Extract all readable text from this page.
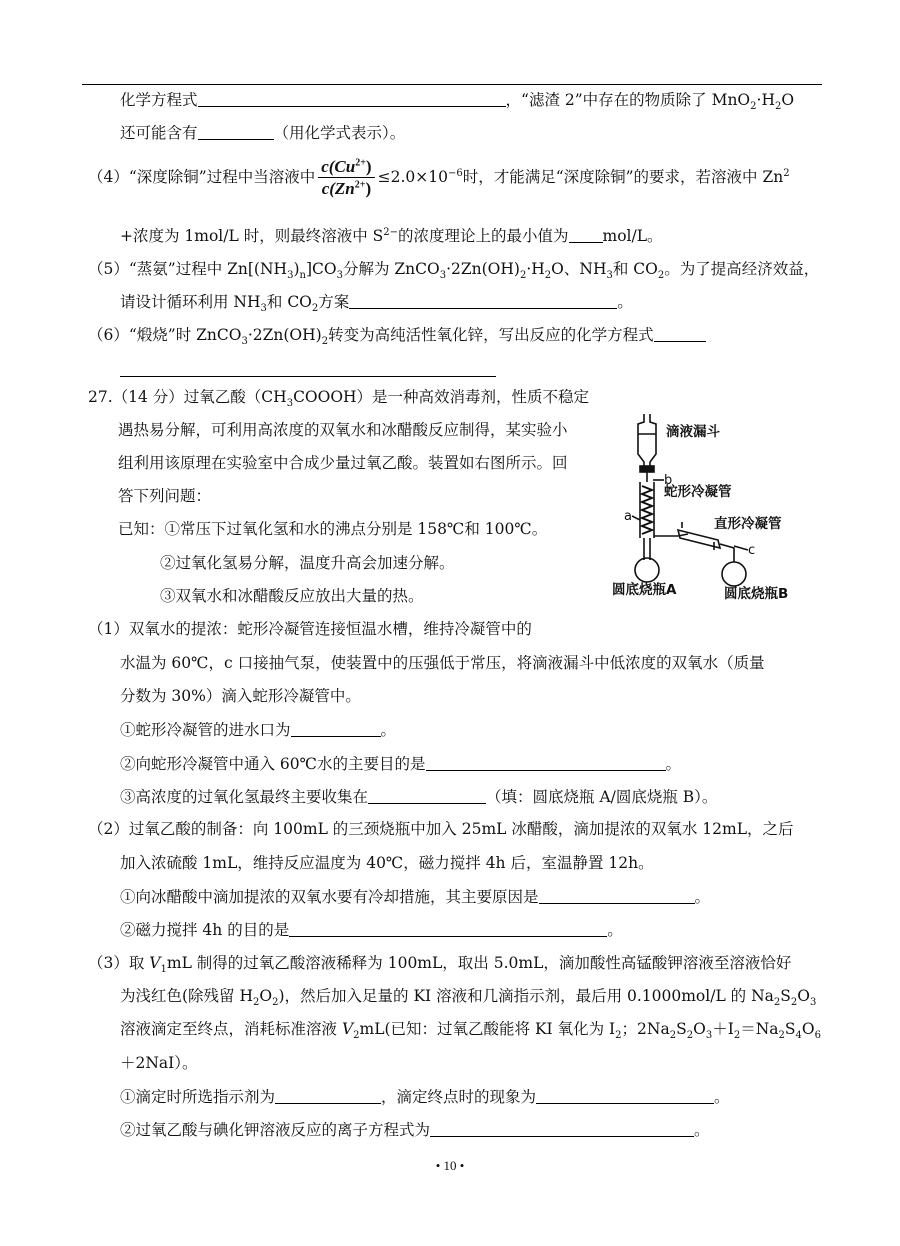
化学方程式	，“滤渣 2”中存在的物质除了 $MnO_2\cdot H_2O$
还可能含有	（用化学式表示）。
（4）“深度除铜”过程中当溶液中 $\frac{c(Cu^{2+})}{c(Zn^{2+})} \le 2.0\times 10^{-6}$时，才能满足“深度除铜”的要求，若溶液中 $Zn^2$
+浓度为 1mol/L 时，则最终溶液中 $S^{2-}$的浓度理论上的最小值为 mol/L。
（5）“蒸氨”过程中 $Zn[(NH_3)_n]CO_3$分解为 $ZnCO_3\cdot 2Zn(OH)_2\cdot H_2O$、$NH_3$和 $CO_2$。为了提高经济效益，
请设计循环利用 $NH_3$和 $CO_2$方案	。
（6）“煅烧”时 $ZnCO_3\cdot 2Zn(OH)_2$转变为高纯活性氧化锌，写出反应的化学方程式
27.（14 分）过氧乙酸$(CH_3COOOH)$是一种高效消毒剂，性质不稳定
遇热易分解，可利用高浓度的双氧水和冰醋酸反应制得，某实验小
组利用该原理在实验室中合成少量过氧乙酸。装置如右图所示。回
答下列问题：
已知：①常压下过氧化氢和水的沸点分别是 158℃和 100℃。
②过氧化氢易分解，温度升高会加速分解。
③双氧水和冰醋酸反应放出大量的热。
滴液漏斗
b
蛇形冷凝管
a	直形冷凝管
c
圆底烧瓶A	圆底烧瓶B
（1）双氧水的提浓：蛇形冷凝管连接恒温水槽，维持冷凝管中的
水温为 60℃，c 口接抽气泵，使装置中的压强低于常压，将滴液漏斗中低浓度的双氧水（质量
分数为 30%）滴入蛇形冷凝管中。
①蛇形冷凝管的进水口为	。
②向蛇形冷凝管中通入 60℃水的主要目的是	。
③高浓度的过氧化氢最终主要收集在	（填：圆底烧瓶 A/圆底烧瓶 B）。
（2）过氧乙酸的制备：向 100mL 的三颈烧瓶中加入 25mL 冰醋酸，滴加提浓的双氧水 12mL，之后
加入浓硫酸 1mL，维持反应温度为 40℃，磁力搅拌 4h 后，室温静置 12h。
①向冰醋酸中滴加提浓的双氧水要有冷却措施，其主要原因是	。
②磁力搅拌 4h 的目的是	。
（3）取 $V_1mL$ 制得的过氧乙酸溶液稀释为 100mL，取出 5.0mL，滴加酸性高锰酸钾溶液至溶液恰好
为浅红色(除残留 $H_2O_2$)，然后加入足量的 KI 溶液和几滴指示剂，最后用 0.1000mol/L 的 $Na_2S_2O_3$
溶液滴定至终点，消耗标准溶液 $V_2mL$(已知：过氧乙酸能将 KI 氧化为 $I_2$；$2Na_2S_2O_3+I_2=Na_2S_4O_6$
＋2NaI）。
①滴定时所选指示剂为	，滴定终点时的现象为	。
②过氧乙酸与碘化钾溶液反应的离子方程式为	。
• 10 •
